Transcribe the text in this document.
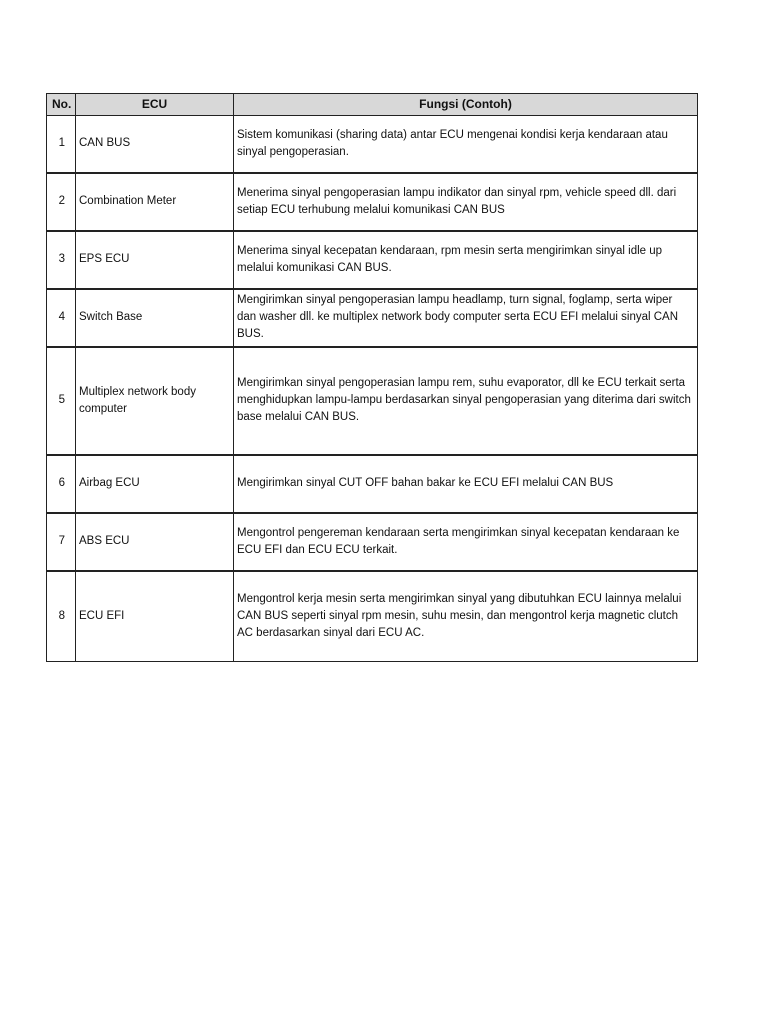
No.	ECU	Fungsi (Contoh)
1	CAN BUS	Sistem komunikasi (sharing data) antar ECU mengenai kondisi kerja kendaraan atau sinyal pengoperasian.
2	Combination Meter	Menerima sinyal pengoperasian lampu indikator dan sinyal rpm, vehicle speed dll. dari setiap ECU terhubung melalui komunikasi CAN BUS
3	EPS ECU	Menerima sinyal kecepatan kendaraan, rpm mesin serta mengirimkan sinyal idle up melalui komunikasi CAN BUS.
4	Switch Base	Mengirimkan sinyal pengoperasian lampu headlamp, turn signal, foglamp, serta wiper dan washer dll. ke multiplex network body computer serta ECU EFI melalui sinyal CAN BUS.
5	Multiplex network body computer	Mengirimkan sinyal pengoperasian lampu rem, suhu evaporator, dll ke ECU terkait serta menghidupkan lampu-lampu berdasarkan sinyal pengoperasian yang diterima dari switch base melalui CAN BUS.
6	Airbag ECU	Mengirimkan sinyal CUT OFF bahan bakar ke ECU EFI melalui CAN BUS
7	ABS ECU	Mengontrol pengereman kendaraan serta mengirimkan sinyal kecepatan kendaraan ke ECU EFI dan ECU ECU terkait.
8	ECU EFI	Mengontrol kerja mesin serta mengirimkan sinyal yang dibutuhkan ECU lainnya melalui CAN BUS seperti sinyal rpm mesin, suhu mesin, dan mengontrol kerja magnetic clutch AC berdasarkan sinyal dari ECU AC.
